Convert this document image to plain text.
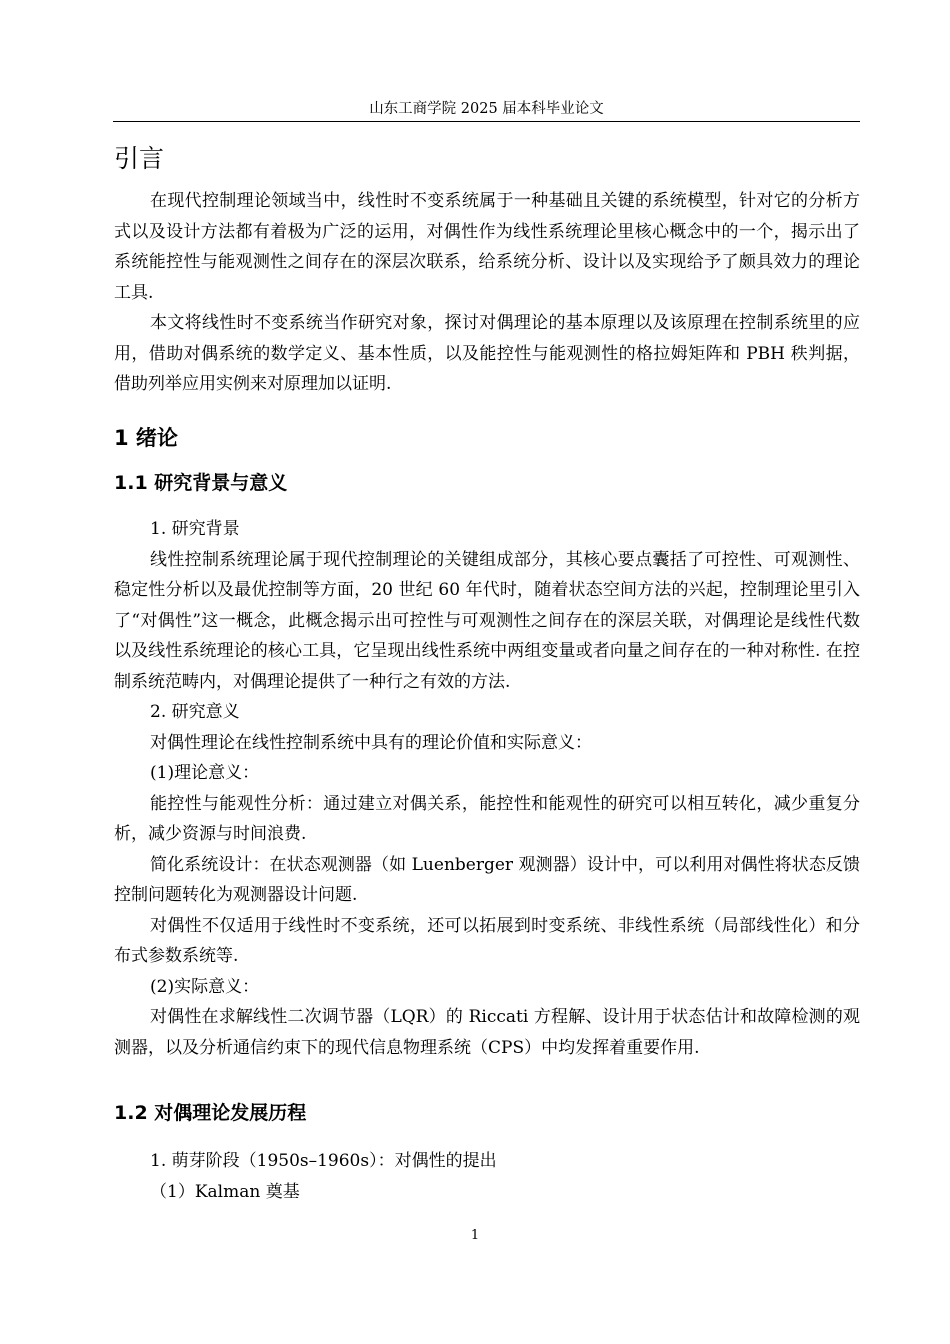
山东工商学院 2025 届本科毕业论文
引言

在现代控制理论领域当中，线性时不变系统属于一种基础且关键的系统模型，针对它的分析方式以及设计方法都有着极为广泛的运用，对偶性作为线性系统理论里核心概念中的一个，揭示出了系统能控性与能观测性之间存在的深层次联系，给系统分析、设计以及实现给予了颇具效力的理论工具.

本文将线性时不变系统当作研究对象，探讨对偶理论的基本原理以及该原理在控制系统里的应用，借助对偶系统的数学定义、基本性质，以及能控性与能观测性的格拉姆矩阵和 PBH 秩判据，借助列举应用实例来对原理加以证明.

1 绪论
1.1 研究背景与意义

1. 研究背景

线性控制系统理论属于现代控制理论的关键组成部分，其核心要点囊括了可控性、可观测性、稳定性分析以及最优控制等方面，20 世纪 60 年代时，随着状态空间方法的兴起，控制理论里引入了“对偶性”这一概念，此概念揭示出可控性与可观测性之间存在的深层关联，对偶理论是线性代数以及线性系统理论的核心工具，它呈现出线性系统中两组变量或者向量之间存在的一种对称性. 在控制系统范畴内，对偶理论提供了一种行之有效的方法.

2. 研究意义

对偶性理论在线性控制系统中具有的理论价值和实际意义：

(1)理论意义：

能控性与能观性分析：通过建立对偶关系，能控性和能观性的研究可以相互转化，减少重复分析，减少资源与时间浪费.

简化系统设计：在状态观测器（如 Luenberger 观测器）设计中，可以利用对偶性将状态反馈控制问题转化为观测器设计问题.

对偶性不仅适用于线性时不变系统，还可以拓展到时变系统、非线性系统（局部线性化）和分布式参数系统等.

(2)实际意义：

对偶性在求解线性二次调节器（LQR）的 Riccati 方程解、设计用于状态估计和故障检测的观测器，以及分析通信约束下的现代信息物理系统（CPS）中均发挥着重要作用.

1.2 对偶理论发展历程
1. 萌芽阶段（1950s–1960s）：对偶性的提出
（1）Kalman 奠基
1
